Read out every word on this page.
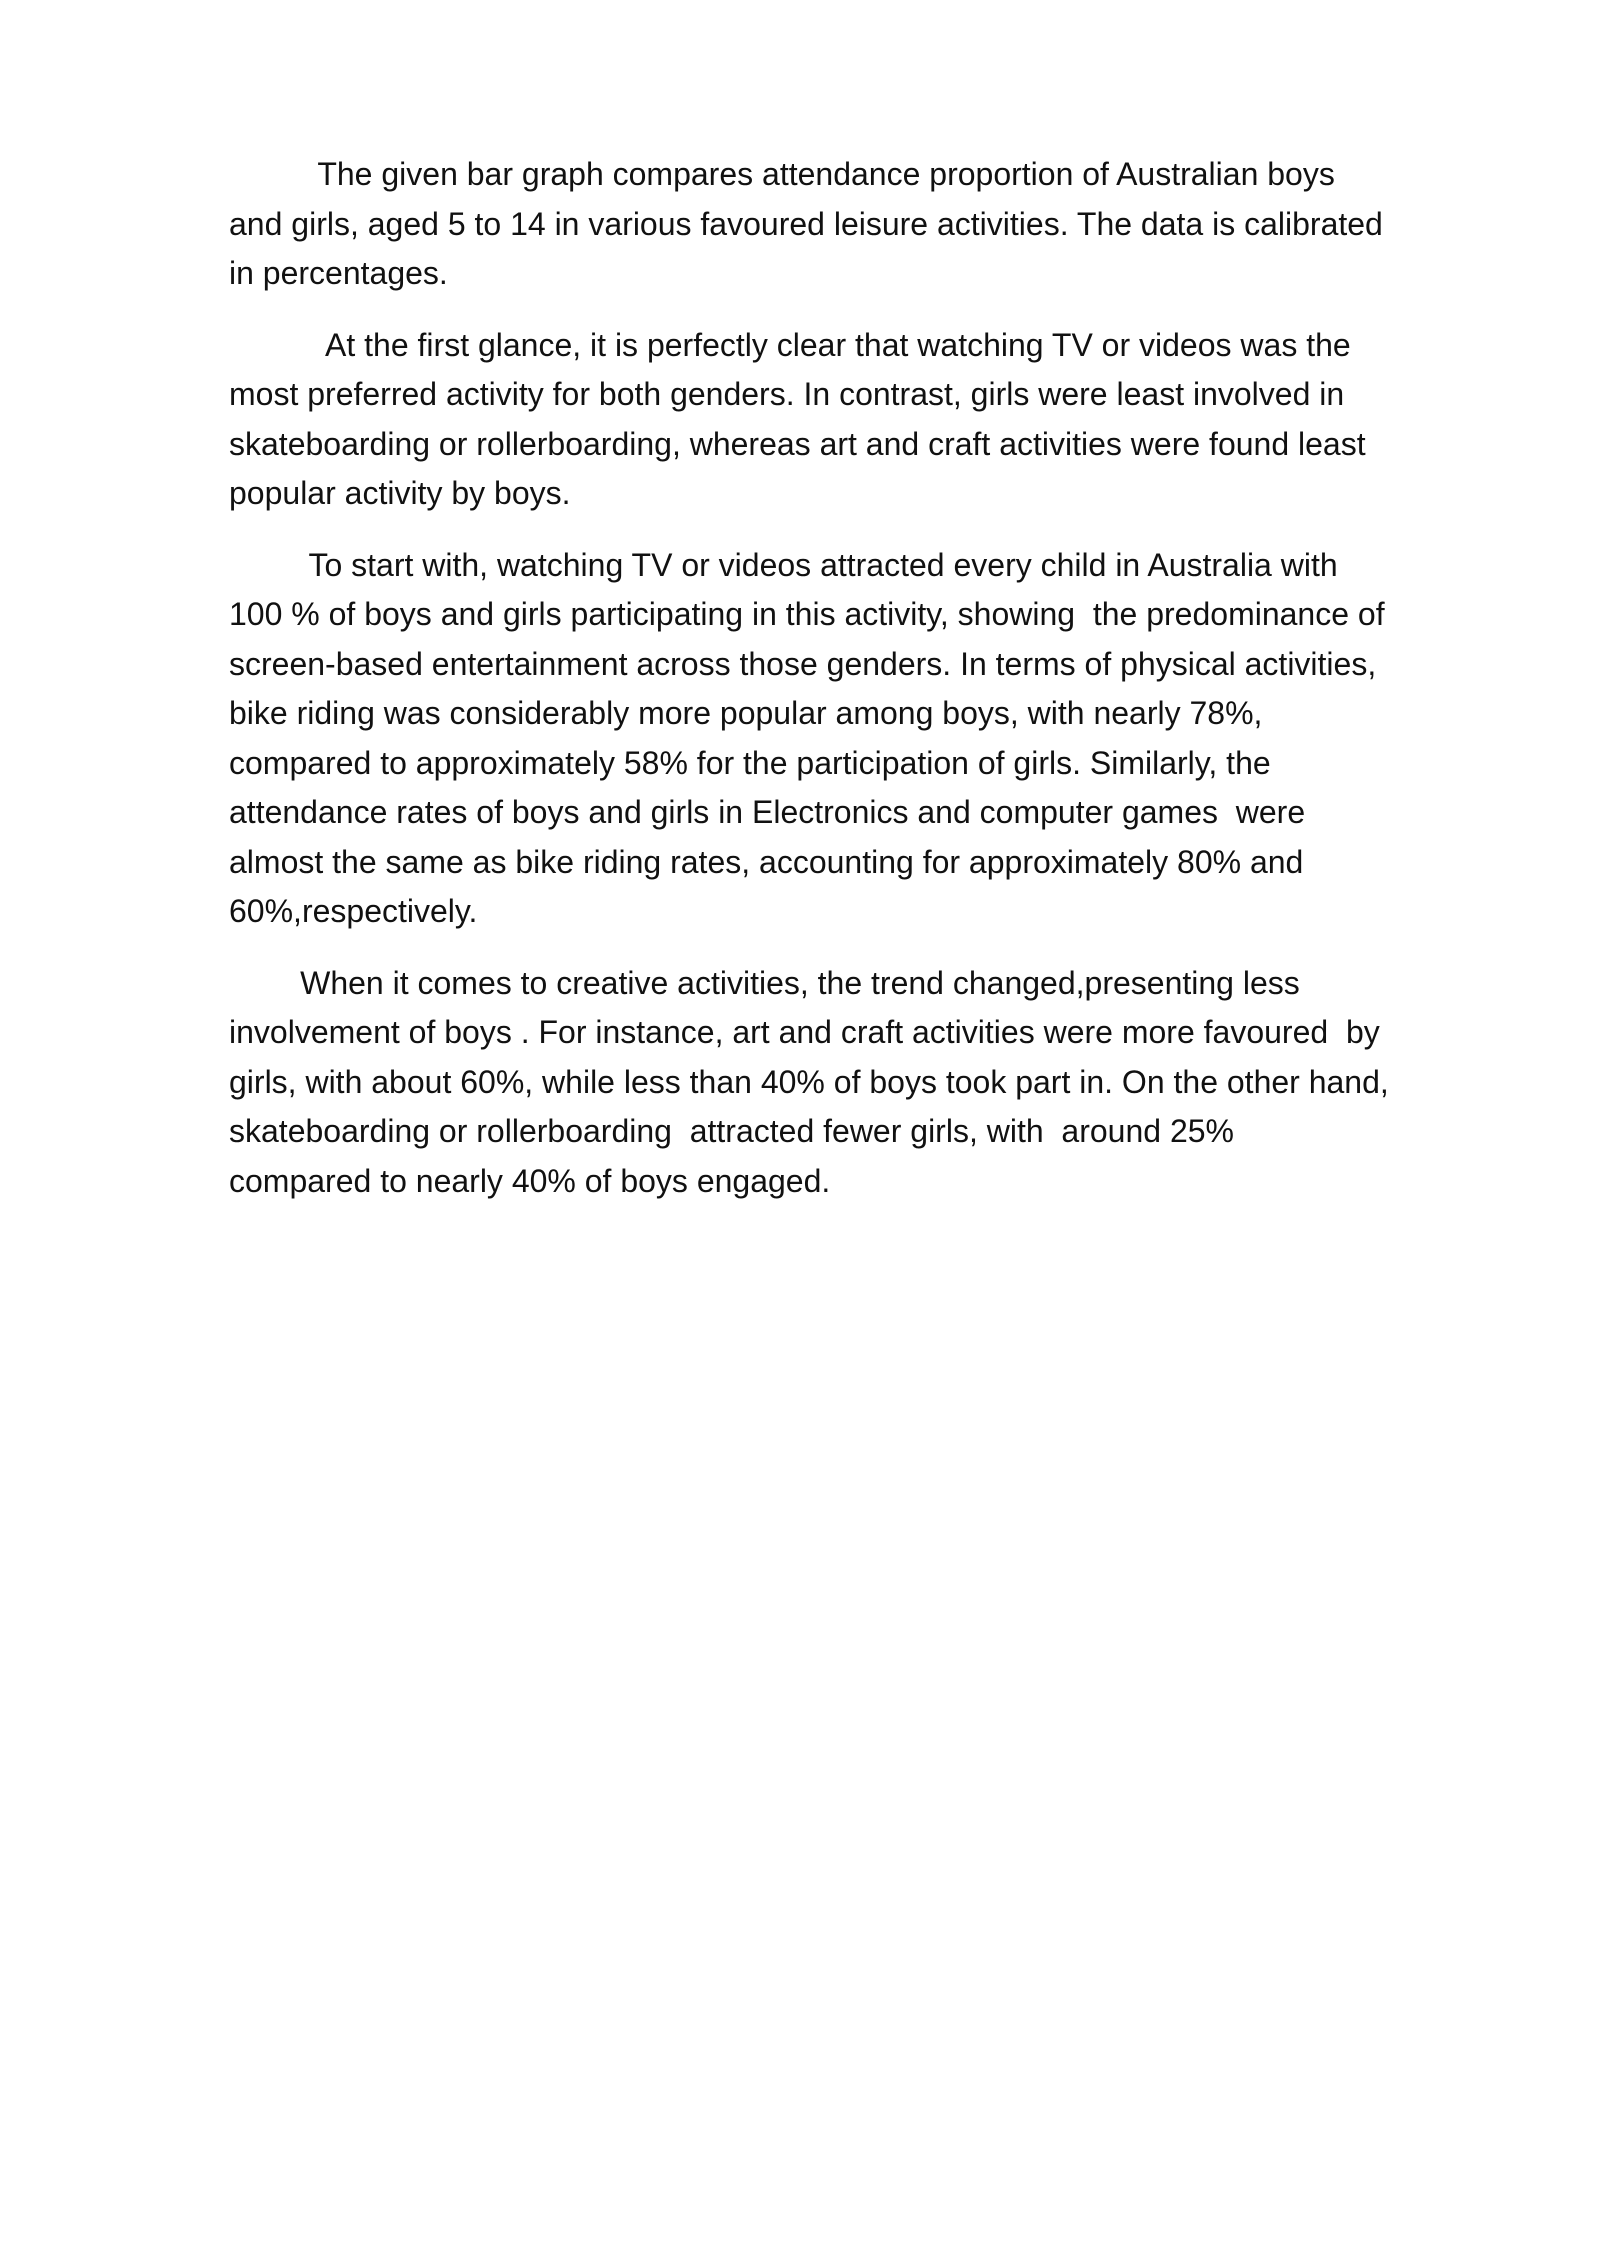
The given bar graph compares attendance proportion of Australian boys
and girls, aged 5 to 14 in various favoured leisure activities. The data is calibrated
in percentages.

At the first glance, it is perfectly clear that watching TV or videos was the
most preferred activity for both genders. In contrast, girls were least involved in
skateboarding or rollerboarding, whereas art and craft activities were found least
popular activity by boys.

To start with, watching TV or videos attracted every child in Australia with
100 % of boys and girls participating in this activity, showing  the predominance of
screen-based entertainment across those genders. In terms of physical activities,
bike riding was considerably more popular among boys, with nearly 78%,
compared to approximately 58% for the participation of girls. Similarly, the
attendance rates of boys and girls in Electronics and computer games  were
almost the same as bike riding rates, accounting for approximately 80% and
60%,respectively.

When it comes to creative activities, the trend changed,presenting less
involvement of boys . For instance, art and craft activities were more favoured  by
girls, with about 60%, while less than 40% of boys took part in. On the other hand,
skateboarding or rollerboarding  attracted fewer girls, with  around 25%
compared to nearly 40% of boys engaged.
